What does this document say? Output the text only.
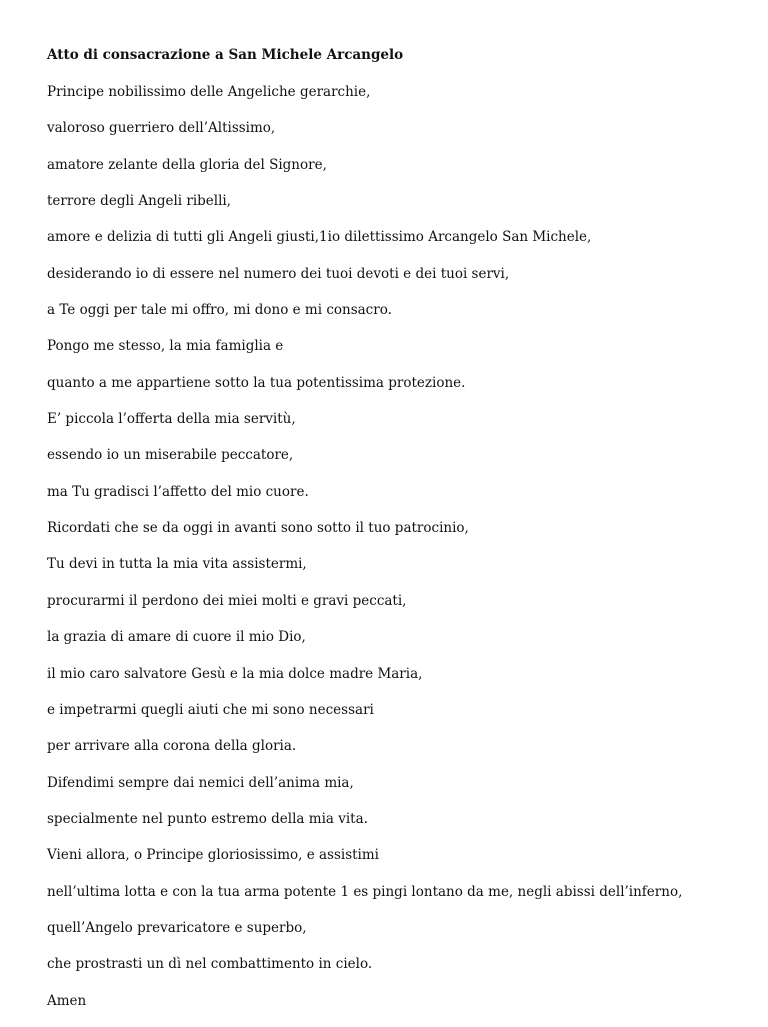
Atto di consacrazione a San Michele Arcangelo
Principe nobilissimo delle Angeliche gerarchie,
valoroso guerriero dell’Altissimo,
amatore zelante della gloria del Signore,
terrore degli Angeli ribelli,
amore e delizia di tutti gli Angeli giusti,1io dilettissimo Arcangelo San Michele,
desiderando io di essere nel numero dei tuoi devoti e dei tuoi servi,
a Te oggi per tale mi offro, mi dono e mi consacro.
Pongo me stesso, la mia famiglia e
quanto a me appartiene sotto la tua potentissima protezione.
E’ piccola l’offerta della mia servitù,
essendo io un miserabile peccatore,
ma Tu gradisci l’affetto del mio cuore.
Ricordati che se da oggi in avanti sono sotto il tuo patrocinio,
Tu devi in tutta la mia vita assistermi,
procurarmi il perdono dei miei molti e gravi peccati,
la grazia di amare di cuore il mio Dio,
il mio caro salvatore Gesù e la mia dolce madre Maria,
e impetrarmi quegli aiuti che mi sono necessari
per arrivare alla corona della gloria.
Difendimi sempre dai nemici dell’anima mia,
specialmente nel punto estremo della mia vita.
Vieni allora, o Principe gloriosissimo, e assistimi
nell’ultima lotta e con la tua arma potente 1 es pingi lontano da me, negli abissi dell’inferno,
quell’Angelo prevaricatore e superbo,
che prostrasti un dì nel combattimento in cielo.
Amen
